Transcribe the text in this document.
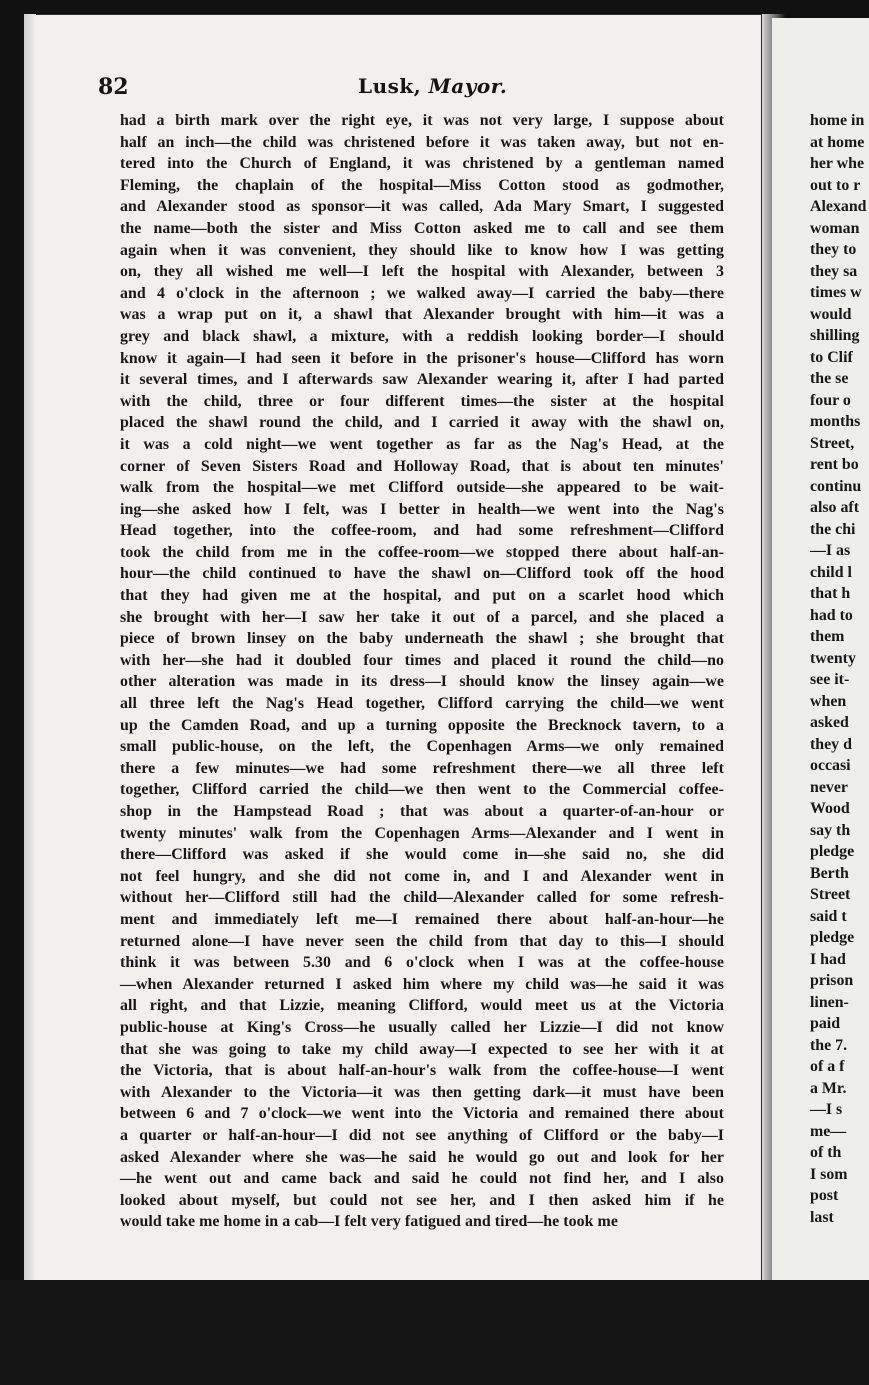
82	Lusk, Mayor.
had a birth mark over the right eye, it was not very large, I suppose about
half an inch—the child was christened before it was taken away, but not en-
tered into the Church of England, it was christened by a gentleman named
Fleming, the chaplain of the hospital—Miss Cotton stood as godmother,
and Alexander stood as sponsor—it was called, Ada Mary Smart, I suggested
the name—both the sister and Miss Cotton asked me to call and see them
again when it was convenient, they should like to know how I was getting
on, they all wished me well—I left the hospital with Alexander, between 3
and 4 o'clock in the afternoon ; we walked away—I carried the baby—there
was a wrap put on it, a shawl that Alexander brought with him—it was a
grey and black shawl, a mixture, with a reddish looking border—I should
know it again—I had seen it before in the prisoner's house—Clifford has worn
it several times, and I afterwards saw Alexander wearing it, after I had parted
with the child, three or four different times—the sister at the hospital
placed the shawl round the child, and I carried it away with the shawl on,
it was a cold night—we went together as far as the Nag's Head, at the
corner of Seven Sisters Road and Holloway Road, that is about ten minutes'
walk from the hospital—we met Clifford outside—she appeared to be wait-
ing—she asked how I felt, was I better in health—we went into the Nag's
Head together, into the coffee-room, and had some refreshment—Clifford
took the child from me in the coffee-room—we stopped there about half-an-
hour—the child continued to have the shawl on—Clifford took off the hood
that they had given me at the hospital, and put on a scarlet hood which
she brought with her—I saw her take it out of a parcel, and she placed a
piece of brown linsey on the baby underneath the shawl ; she brought that
with her—she had it doubled four times and placed it round the child—no
other alteration was made in its dress—I should know the linsey again—we
all three left the Nag's Head together, Clifford carrying the child—we went
up the Camden Road, and up a turning opposite the Brecknock tavern, to a
small public-house, on the left, the Copenhagen Arms—we only remained
there a few minutes—we had some refreshment there—we all three left
together, Clifford carried the child—we then went to the Commercial coffee-
shop in the Hampstead Road ; that was about a quarter-of-an-hour or
twenty minutes' walk from the Copenhagen Arms—Alexander and I went in
there—Clifford was asked if she would come in—she said no, she did
not feel hungry, and she did not come in, and I and Alexander went in
without her—Clifford still had the child—Alexander called for some refresh-
ment and immediately left me—I remained there about half-an-hour—he
returned alone—I have never seen the child from that day to this—I should
think it was between 5.30 and 6 o'clock when I was at the coffee-house
—when Alexander returned I asked him where my child was—he said it was
all right, and that Lizzie, meaning Clifford, would meet us at the Victoria
public-house at King's Cross—he usually called her Lizzie—I did not know
that she was going to take my child away—I expected to see her with it at
the Victoria, that is about half-an-hour's walk from the coffee-house—I went
with Alexander to the Victoria—it was then getting dark—it must have been
between 6 and 7 o'clock—we went into the Victoria and remained there about
a quarter or half-an-hour—I did not see anything of Clifford or the baby—I
asked Alexander where she was—he said he would go out and look for her
—he went out and came back and said he could not find her, and I also
looked about myself, but could not see her, and I then asked him if he
would take me home in a cab—I felt very fatigued and tired—he took me
home in
at home
her whe
out to r
Alexand
woman
they to
they sa
times w
would
shilling
to Clif
the se
four o
months
Street,
rent bo
continu
also aft
the chi
—I as
child l
that h
had to
them
twenty
see it-
when
asked
they d
occasi
never
Wood
say th
pledge
Berth
Street
said t
pledge
I had
prison
linen-
paid
the 7.
of a f
a Mr.
—I s
me—
of th
I som
post
last
